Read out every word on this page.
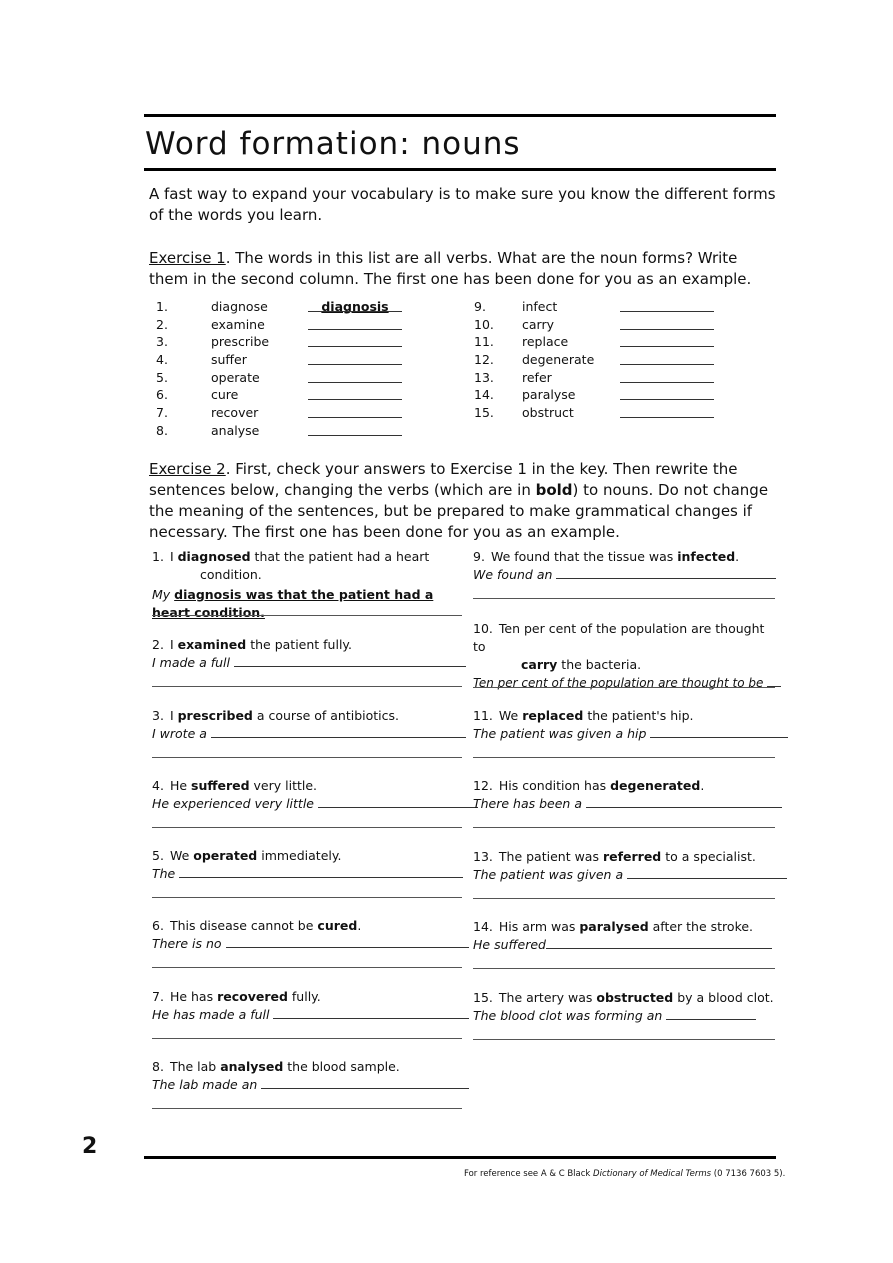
Word formation: nouns

A fast way to expand your vocabulary is to make sure you know the different forms of the words you learn.

Exercise 1. The words in this list are all verbs. What are the noun forms? Write them in the second column. The first one has been done for you as an example.

1.	diagnose	diagnosis
2.	examine
3.	prescribe
4.	suffer
5.	operate
6.	cure
7.	recover
8.	analyse
9.	infect
10. carry
11. replace
12. degenerate
13. refer
14. paralyse
15. obstruct

Exercise 2. First, check your answers to Exercise 1 in the key. Then rewrite the sentences below, changing the verbs (which are in bold) to nouns. Do not change the meaning of the sentences, but be prepared to make grammatical changes if necessary. The first one has been done for you as an example.

1. I diagnosed that the patient had a heart
condition.
My diagnosis was that the patient had a heart condition.
2. I examined the patient fully.
I made a full
3. I prescribed a course of antibiotics.
I wrote a
4. He suffered very little.
He experienced very little
5. We operated immediately.
The
6. This disease cannot be cured.
There is no
7. He has recovered fully.
He has made a full
8. The lab analysed the blood sample.
The lab made an
9. We found that the tissue was infected.
We found an
10. Ten per cent of the population are thought to
carry the bacteria.
Ten per cent of the population are thought to be
11. We replaced the patient's hip.
The patient was given a hip
12. His condition has degenerated.
There has been a
13. The patient was referred to a specialist.
The patient was given a
14. His arm was paralysed after the stroke.
He suffered
15. The artery was obstructed by a blood clot.
The blood clot was forming an
2
For reference see A & C Black Dictionary of Medical Terms (0 7136 7603 5).
